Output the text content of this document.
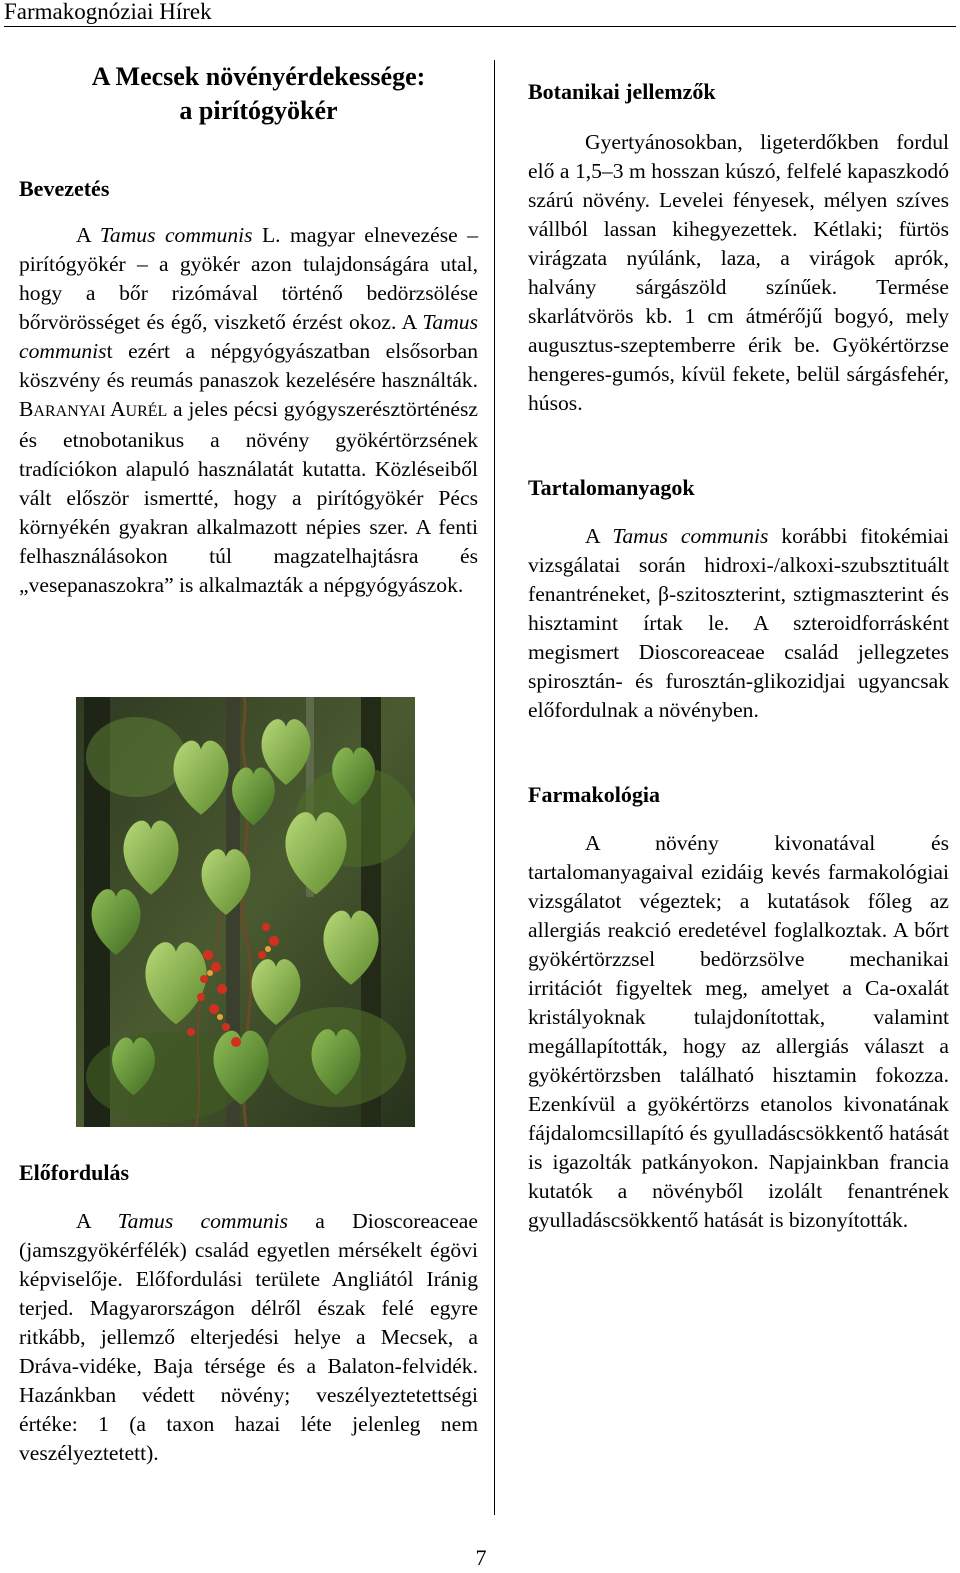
Farmakognóziai Hírek
A Mecsek növényérdekessége:
a pirítógyökér
Bevezetés

A Tamus communis L. magyar elnevezése – pirítógyökér – a gyökér azon tulajdonságára utal, hogy a bőr rizómával történő bedörzsölése bőrvörösséget és égő, viszkető érzést okoz. A Tamus communist ezért a népgyógyászatban elsősorban köszvény és reumás panaszok kezelésére használták. BARANYAI AURÉL a jeles pécsi gyógyszerésztörténész és etnobotanikus a növény gyökértörzsének tradíciókon alapuló használatát kutatta. Közléseiből vált először ismertté, hogy a pirítógyökér Pécs környékén gyakran alkalmazott népies szer. A fenti felhasználásokon túl magzatelhajtásra és „vesepanaszokra” is alkalmazták a népgyógyászok.

Előfordulás

A Tamus communis a Dioscoreaceae (jamszgyökérfélék) család egyetlen mérsékelt égövi képviselője. Előfordulási területe Angliától Iránig terjed. Magyarországon délről észak felé egyre ritkább, jellemző elterjedési helye a Mecsek, a Dráva-vidéke, Baja térsége és a Balaton-felvidék. Hazánkban védett növény; veszélyeztetettségi értéke: 1 (a taxon hazai léte jelenleg nem veszélyeztetett).

Botanikai jellemzők

Gyertyánosokban, ligeterdőkben fordul elő a 1,5–3 m hosszan kúszó, felfelé kapaszkodó szárú növény. Levelei fényesek, mélyen szíves vállból lassan kihegyezettek. Kétlaki; fürtös virágzata nyúlánk, laza, a virágok aprók, halvány sárgászöld színűek. Termése skarlátvörös kb. 1 cm átmérőjű bogyó, mely augusztus-szeptemberre érik be. Gyökértörzse hengeres-gumós, kívül fekete, belül sárgásfehér, húsos.

Tartalomanyagok

A Tamus communis korábbi fitokémiai vizsgálatai során hidroxi-/alkoxi-szubsztituált fenantréneket, β-szitoszterint, sztigmaszterint és hisztamint írtak le. A szteroidforrásként megismert Dioscoreaceae család jellegzetes spirosztán- és furosztán-glikozidjai ugyancsak előfordulnak a növényben.

Farmakológia

A növény kivonatával és tartalomanyagaival ezidáig kevés farmakológiai vizsgálatot végeztek; a kutatások főleg az allergiás reakció eredetével foglalkoztak. A bőrt gyökértörzzsel bedörzsölve mechanikai irritációt figyeltek meg, amelyet a Ca-oxalát kristályoknak tulajdonítottak, valamint megállapították, hogy az allergiás választ a gyökértörzsben található hisztamin fokozza. Ezenkívül a gyökértörzs etanolos kivonatának fájdalomcsillapító és gyulladáscsökkentő hatását is igazolták patkányokon. Napjainkban francia kutatók a növényből izolált fenantrének gyulladáscsökkentő hatását is bizonyították.

7
